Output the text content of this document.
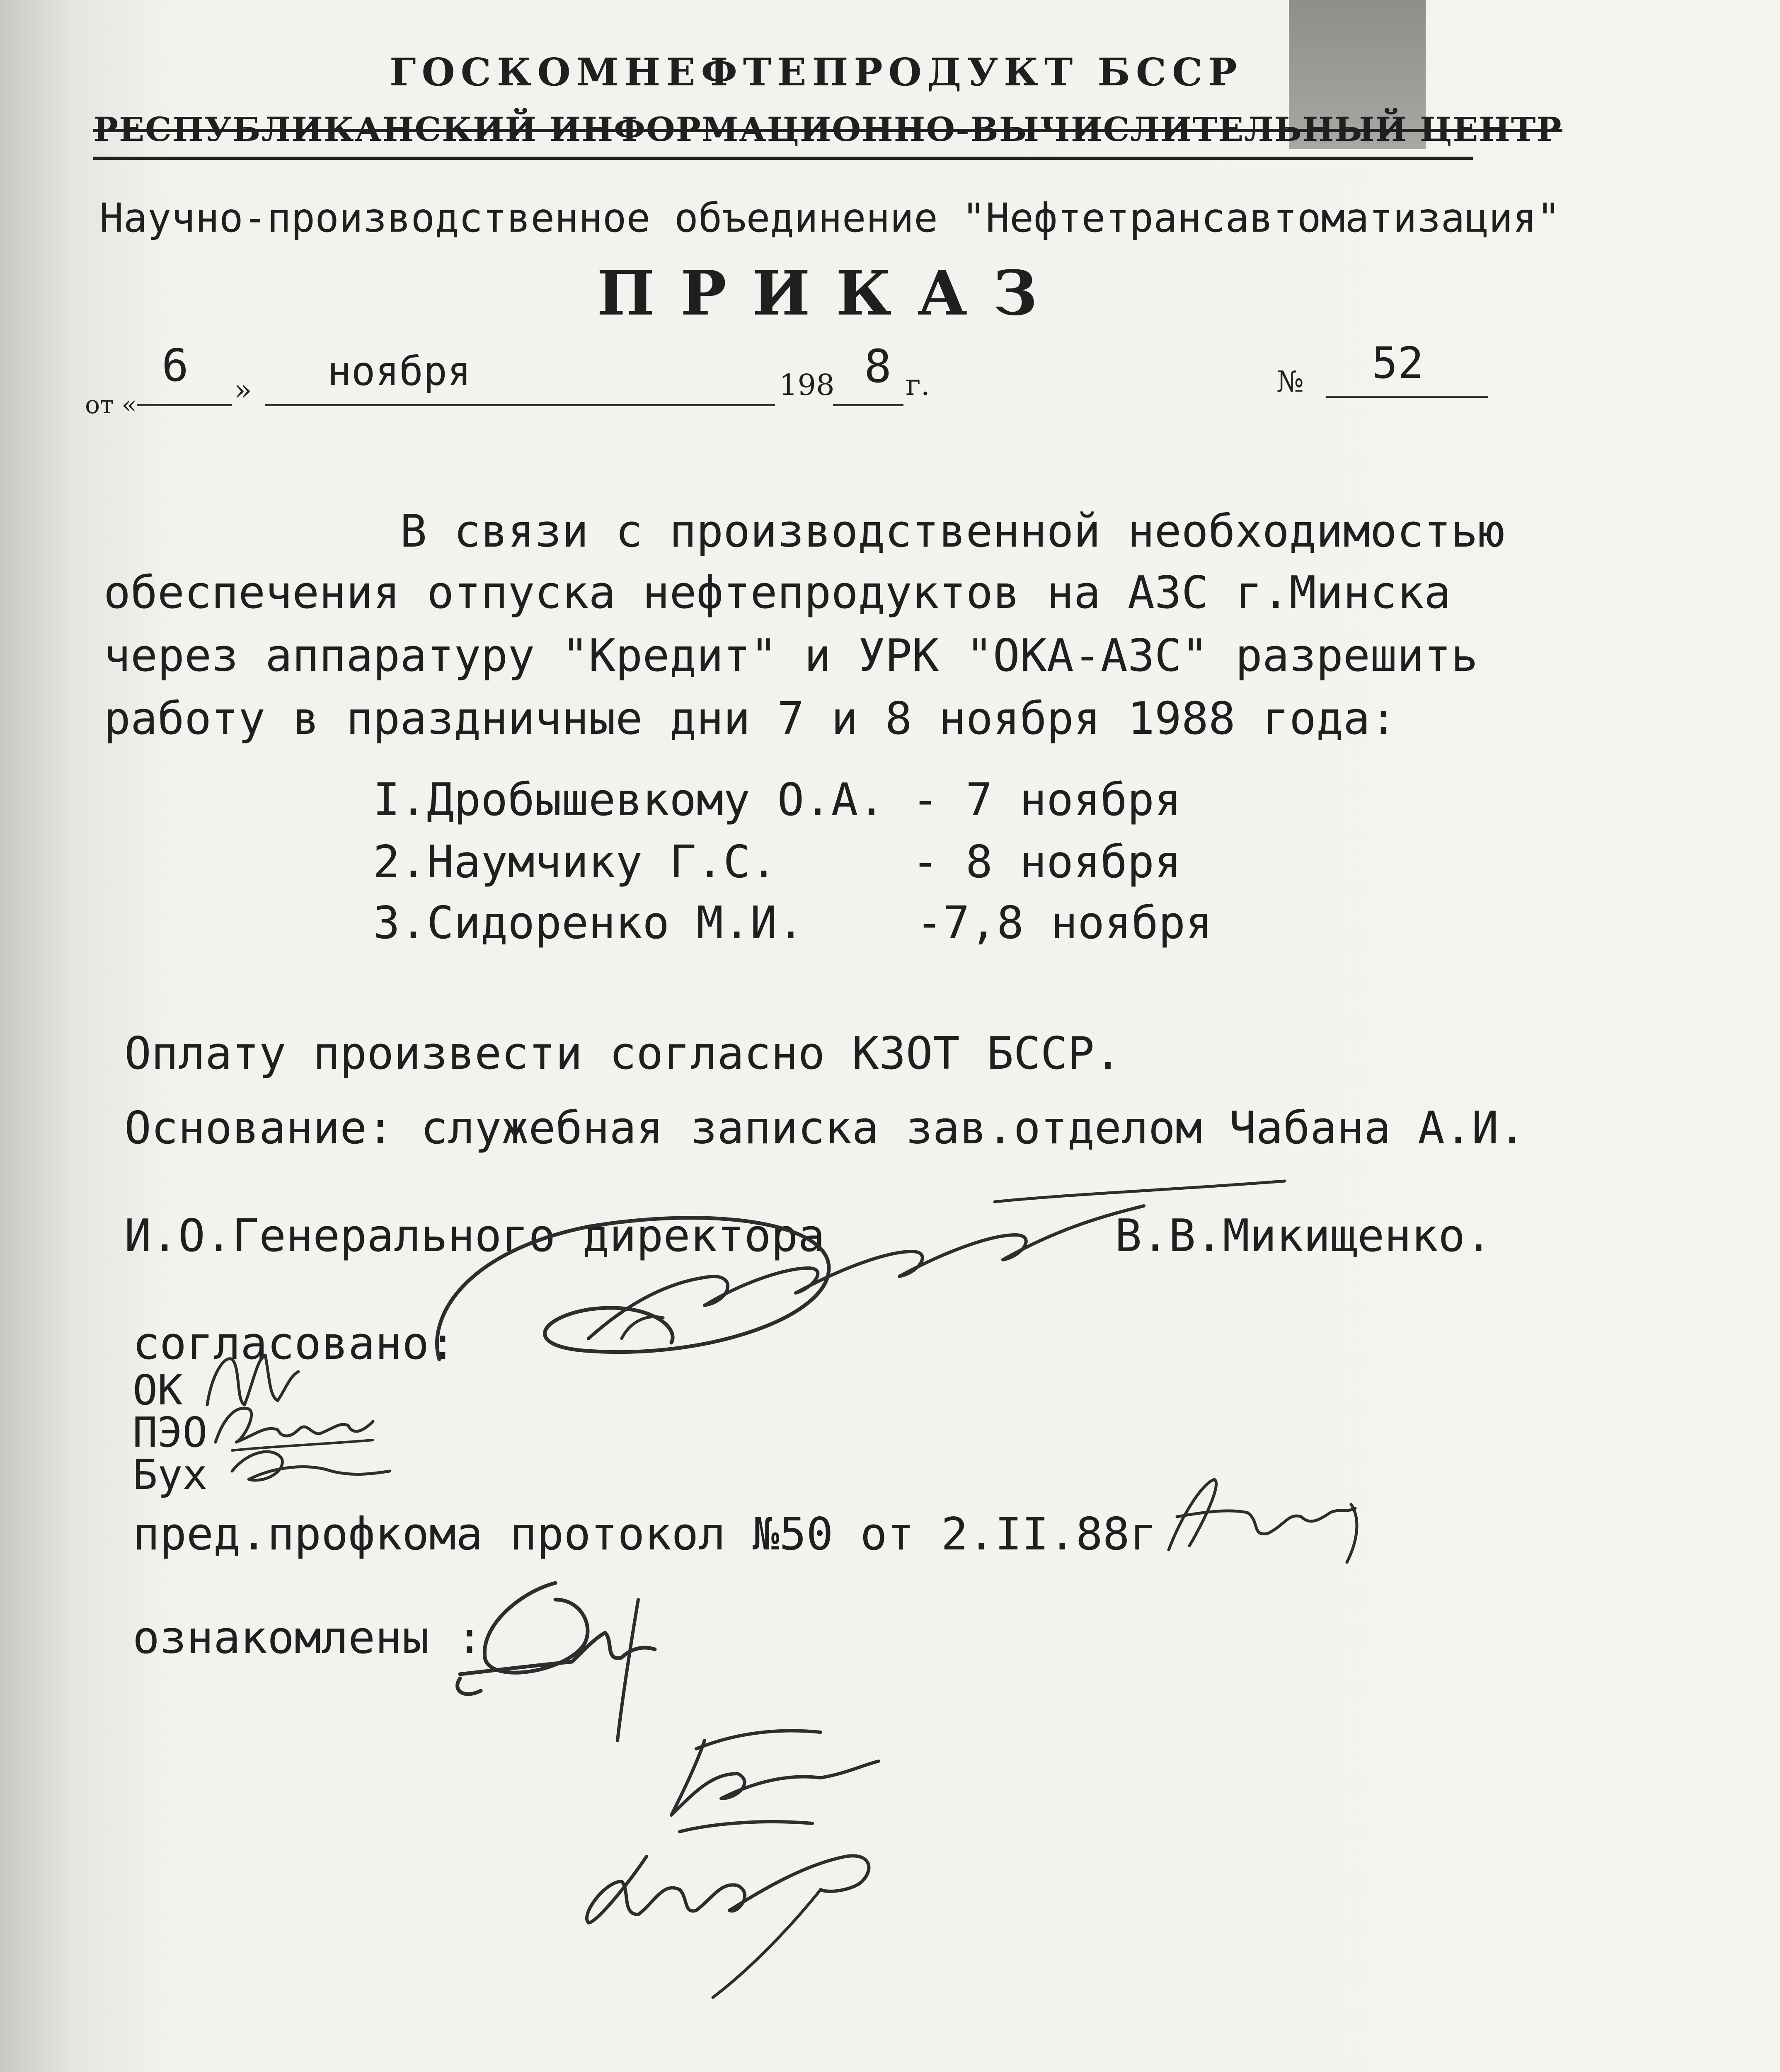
ГОСКОМНЕФТЕПРОДУКТ БССР
РЕСПУБЛИКАНСКИЙ ИНФОРМАЦИОННО-ВЫЧИСЛИТЕЛЬНЫЙ ЦЕНТР
Научно-производственное объединение "Нефтетрансавтоматизация"
ПРИКАЗ
от «
6 » ноября	198 8 г.	№ 52
В связи с производственной необходимостью
обеспечения отпуска нефтепродуктов на АЗС г.Минска
через аппаратуру "Кредит" и УРК "ОКА-АЗС" разрешить
работу в праздничные дни 7 и 8 ноября 1988 года:
I.Дробышевкому О.А. - 7 ноября
2.Наумчику Г.С.	- 8 ноября
3.Сидоренко М.И. -7,8 ноября
Оплату произвести согласно КЗОТ БССР.
Основание: служебная записка зав.отделом Чабана А.И.
И.О.Генерального директора	В.В.Микищенко.
согласовано:
ОК
ПЭО
Бух
пред.профкома протокол №50 от 2.II.88г
ознакомлены :
